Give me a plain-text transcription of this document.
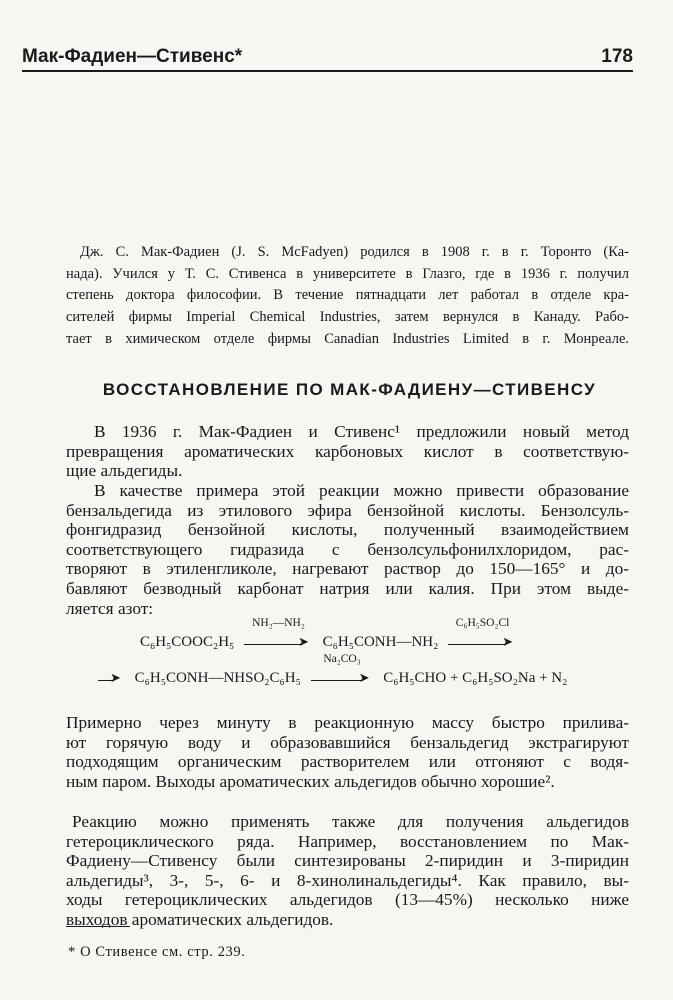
Мак-Фадиен—Стивенс*	178

Дж. С. Мак-Фадиен (J. S. McFadyen) родился в 1908 г. в г. Торонто (Ка-

нада). Учился у Т. С. Стивенса в университете в Глазго, где в 1936 г. получил

степень доктора философии. В течение пятнадцати лет работал в отделе кра-

сителей фирмы Imperial Chemical Industries, затем вернулся в Канаду. Рабо-

тает в химическом отделе фирмы Canadian Industries Limited в г. Монреале.

ВОССТАНОВЛЕНИЕ ПО МАК-ФАДИЕНУ—СТИВЕНСУ

В 1936 г. Мак-Фадиен и Стивенс¹ предложили новый метод

превращения ароматических карбоновых кислот в соответствую-

щие альдегиды.

В качестве примера этой реакции можно привести образование

бензальдегида из этилового эфира бензойной кислоты. Бензолсуль-

фонгидразид бензойной кислоты, полученный взаимодействием

соответствующего гидразида с бензолсульфонилхлоридом, рас-

творяют в этиленгликоле, нагревают раствор до 150—165° и до-

бавляют безводный карбонат натрия или калия. При этом выде-

ляется азот:

C₆H₅COOC₂H₅
NH₂—NH₂
➤ C₆H₅CONH—NH₂
C₆H₅SO₂Cl
➤
➤ C₆H₅CONH—NHSO₂C₆H₅
Na₂CO₃
➤ C₆H₅CHO + C₆H₅SO₂Na + N₂

Примерно через минуту в реакционную массу быстро прилива-

ют горячую воду и образовавшийся бензальдегид экстрагируют

подходящим органическим растворителем или отгоняют с водя-

ным паром. Выходы ароматических альдегидов обычно хорошие².

Реакцию можно применять также для получения альдегидов

гетероциклического ряда. Например, восстановлением по Мак-

Фадиену—Стивенсу были синтезированы 2-пиридин и 3-пиридин

альдегиды³, 3-, 5-, 6- и 8-хинолинальдегиды⁴. Как правило, вы-

ходы гетероциклических альдегидов (13—45%) несколько ниже

выходов ароматических альдегидов.

* О Стивенсе см. стр. 239.
